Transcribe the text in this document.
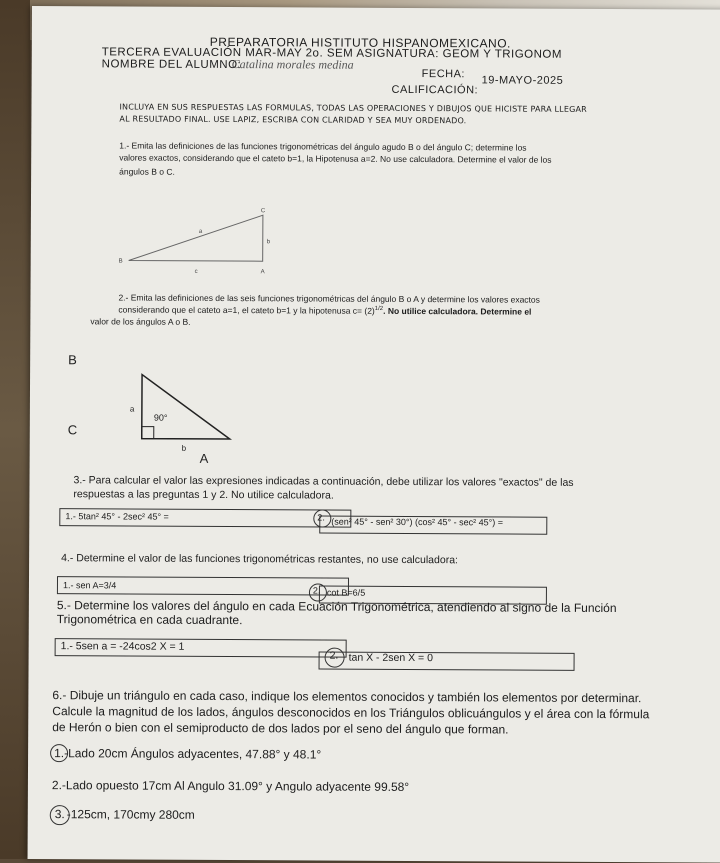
PREPARATORIA HISTITUTO HISPANOMEXICANO.
TERCERA EVALUACIÓN MAR-MAY 2o. SEM ASIGNATURA: GEOM Y TRIGONOM
NOMBRE DEL ALUMNO:
Catalina morales medina
FECHA:
19-MAYO-2025
CALIFICACIÓN:
INCLUYA EN SUS RESPUESTAS LAS FORMULAS, TODAS LAS OPERACIONES Y DIBUJOS QUE HICISTE PARA LLEGAR
AL RESULTADO FINAL. USE LAPIZ, ESCRIBA CON CLARIDAD Y SEA MUY ORDENADO.
1.- Emita las definiciones de las funciones trigonométricas del ángulo agudo B o del ángulo C; determine los
valores exactos, considerando que el cateto b=1, la Hipotenusa a=2. No use calculadora. Determine el valor de los
ángulos B o C.
C
a
b
B
c	A
2.- Emita las definiciones de las seis funciones trigonométricas del ángulo B o A y determine los valores exactos
considerando que el cateto a=1, el cateto b=1 y la hipotenusa $c= (2)^{1/2}$. No utilice calculadora. Determine el
valor de los ángulos A o B.
B
a
90°
C
b
A
3.- Para calcular el valor las expresiones indicadas a continuación, debe utilizar los valores "exactos" de las
respuestas a las preguntas 1 y 2. No utilice calculadora.
1.- 5tan² 45° - 2sec² 45° =	2. (sen² 45° - sen² 30°) (cos² 45° - sec² 45°) =
4.- Determine el valor de las funciones trigonométricas restantes, no use calculadora:
1.- sen A=3/4
2. cot B=6/5
5.- Determine los valores del ángulo en cada Ecuación Trigonométrica, atendiendo al signo de la Función
Trigonométrica en cada cuadrante.
1.- 5sen a = -24cos2 X = 1
2. tan X - 2sen X = 0
6.- Dibuje un triángulo en cada caso, indique los elementos conocidos y también los elementos por determinar.
Calcule la magnitud de los lados, ángulos desconocidos en los Triángulos oblicuángulos y el área con la fórmula
de Herón o bien con el semiproducto de dos lados por el seno del ángulo que forman.
1. -Lado 20cm Ángulos adyacentes, 47.88° y 48.1°
2.-Lado opuesto 17cm Al Angulo 31.09° y Angulo adyacente 99.58°
3. -125cm, 170cmy 280cm
